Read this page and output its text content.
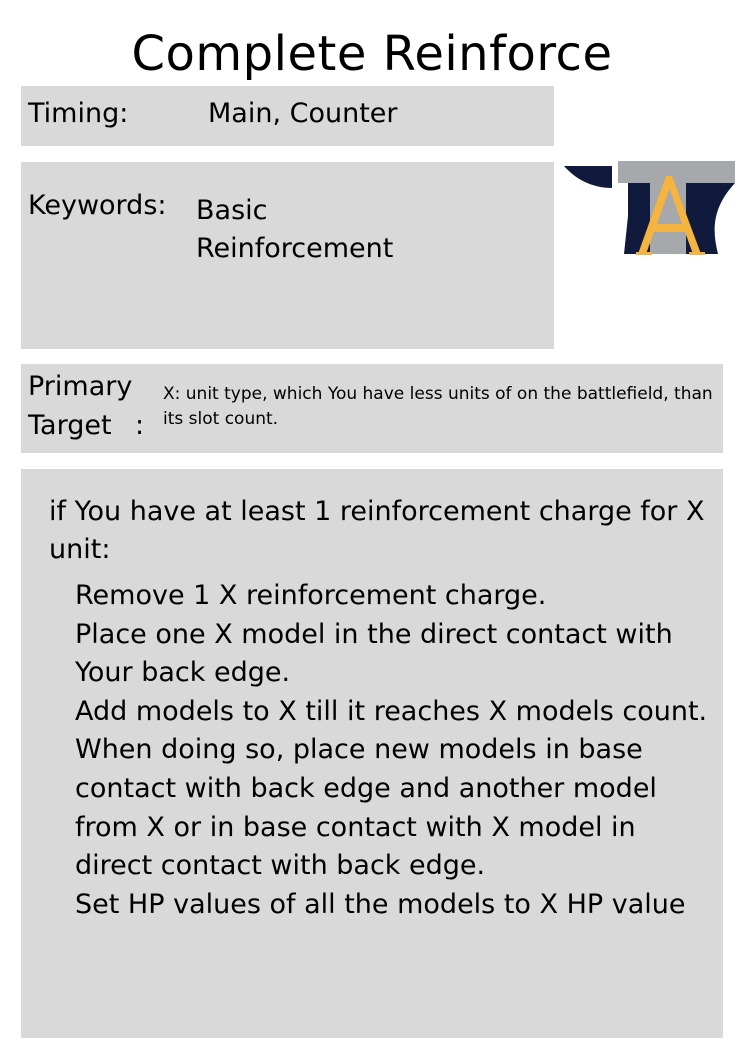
Complete Reinforce
Timing:	Main, Counter
Keywords: Basic
Reinforcement
Primary
Target :
X: unit type, which You have less units of on the battlefield, than its slot count.
if You have at least 1 reinforcement charge for X unit:
Remove 1 X reinforcement charge.
Place one X model in the direct contact with Your back edge.
Add models to X till it reaches X models count. When doing so, place new models in base contact with back edge and another model from X or in base contact with X model in direct contact with back edge.
Set HP values of all the models to X HP value
